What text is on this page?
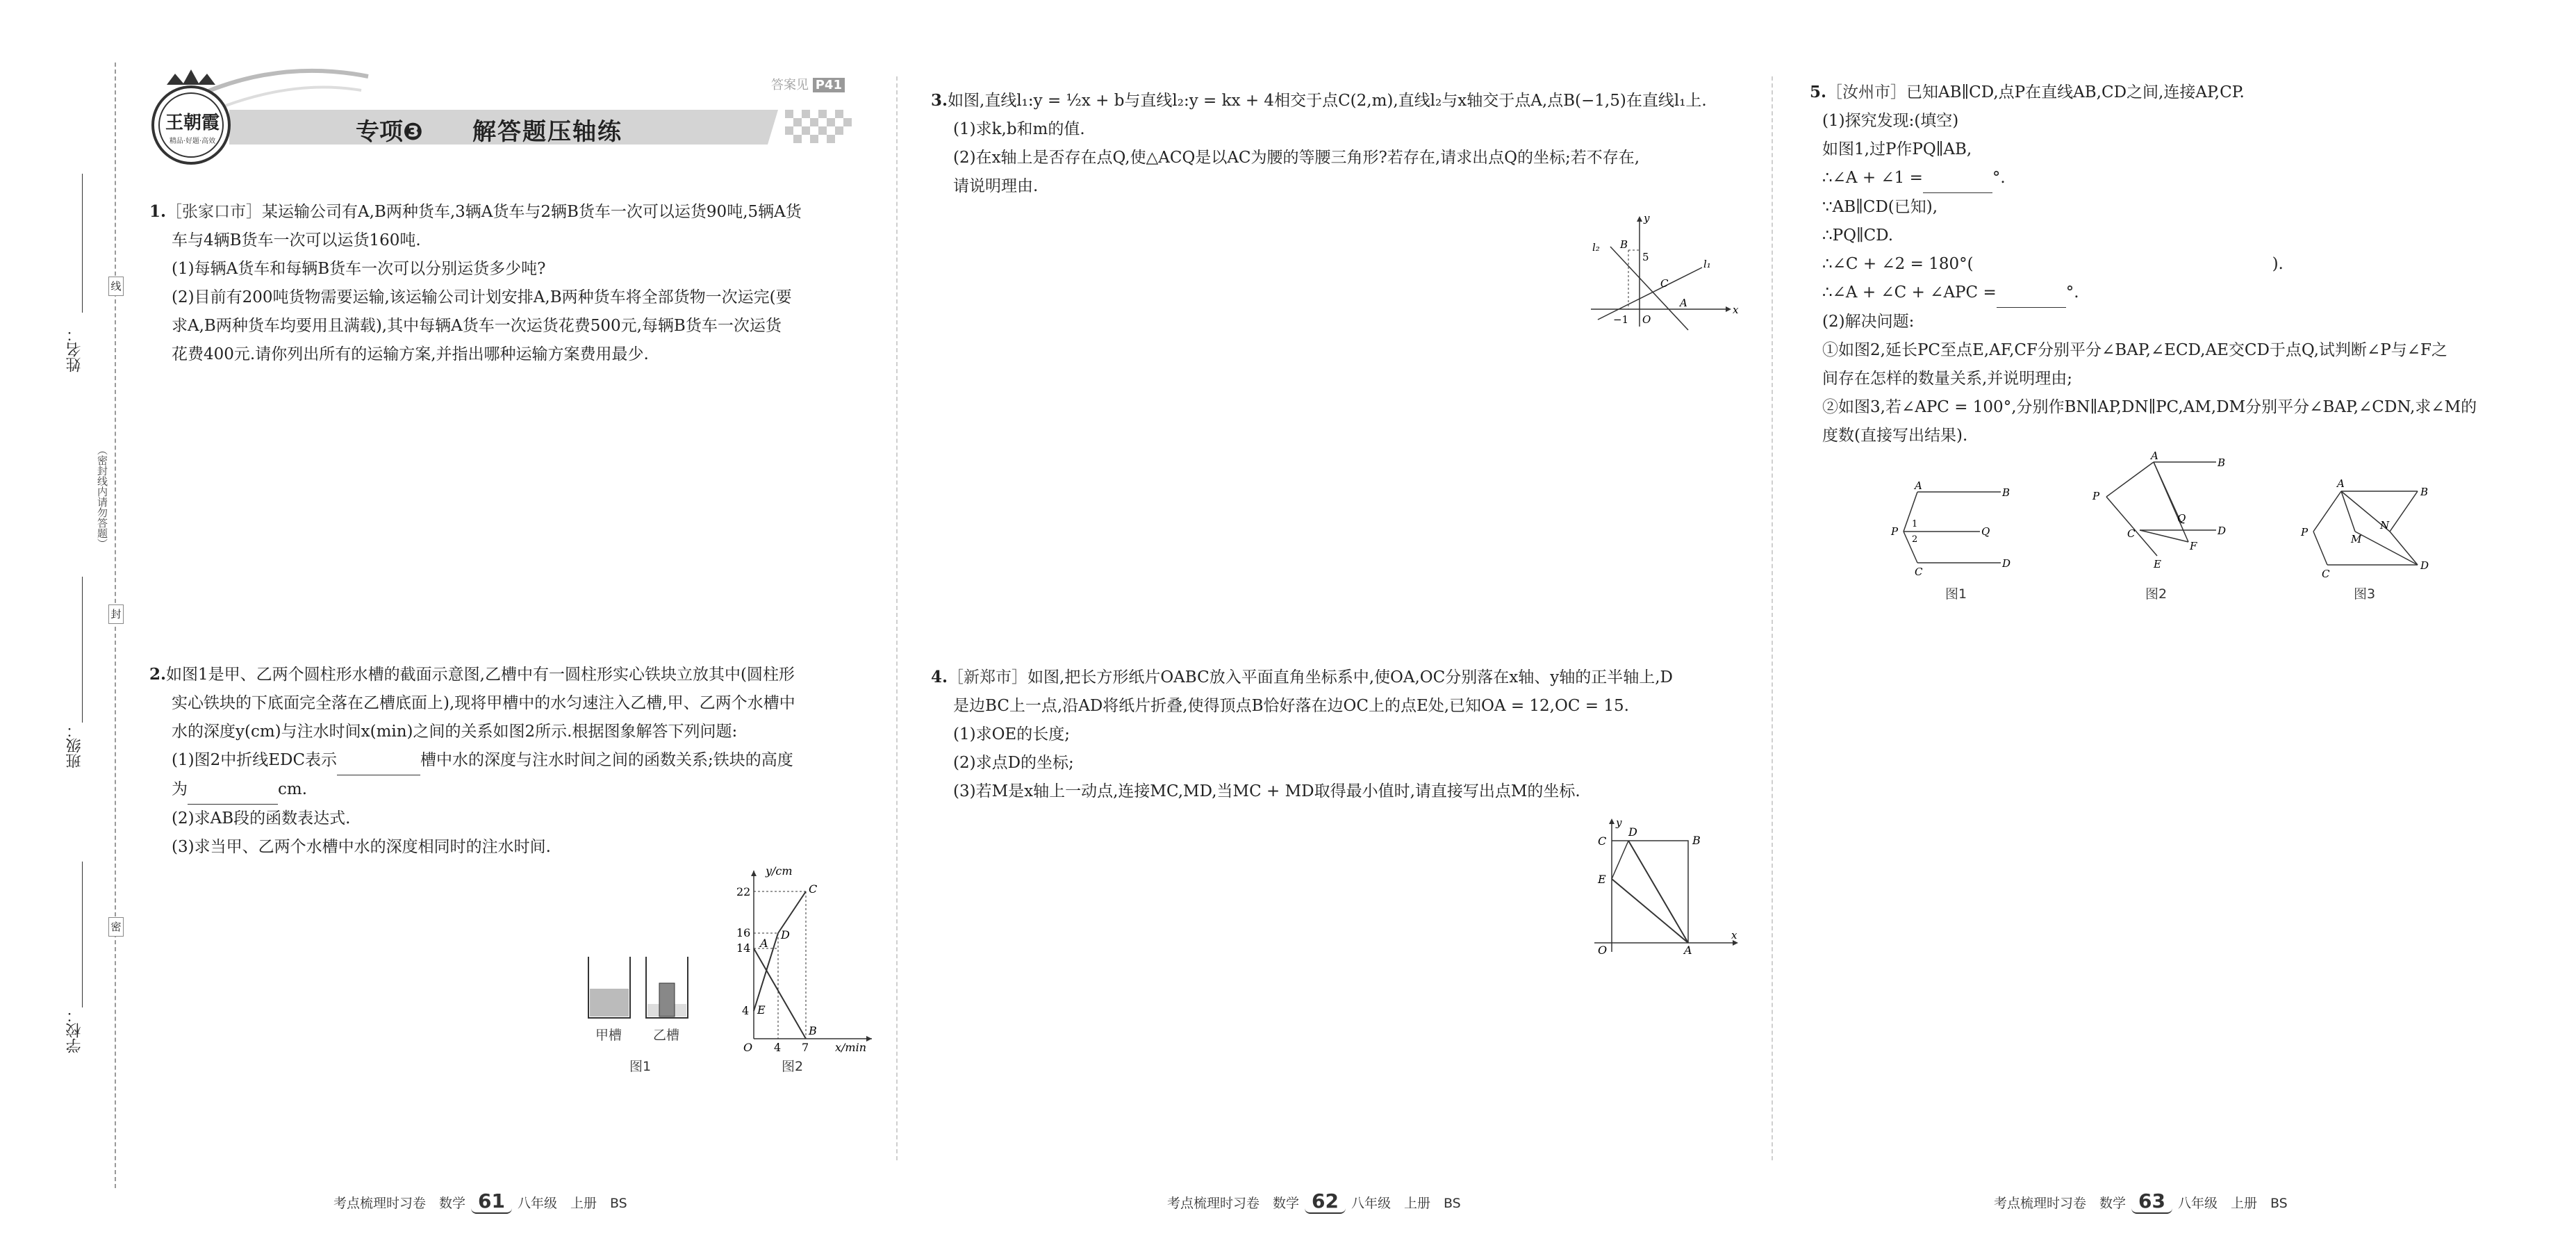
姓名：
班级：
学校：
线
（密封线内请勿答题）
封
密
王朝霞
精品·好题·高效	专项❸ 解答题压轴练
答案见 P41

1.［张家口市］某运输公司有A,B两种货车,3辆A货车与2辆B货车一次可以运货90吨,5辆A货

车与4辆B货车一次可以运货160吨.

(1)每辆A货车和每辆B货车一次可以分别运货多少吨?

(2)目前有200吨货物需要运输,该运输公司计划安排A,B两种货车将全部货物一次运完(要

求A,B两种货车均要用且满载),其中每辆A货车一次运货花费500元,每辆B货车一次运货

花费400元.请你列出所有的运输方案,并指出哪种运输方案费用最少.

2.如图1是甲、乙两个圆柱形水槽的截面示意图,乙槽中有一圆柱形实心铁块立放其中(圆柱形

实心铁块的下底面完全落在乙槽底面上),现将甲槽中的水匀速注入乙槽,甲、乙两个水槽中

水的深度y(cm)与注水时间x(min)之间的关系如图2所示.根据图象解答下列问题:

(1)图2中折线EDC表示	槽中水的深度与注水时间之间的函数关系;铁块的高度

为	cm.

(2)求AB段的函数表达式.

(3)求当甲、乙两个水槽中水的深度相同时的注水时间.

甲槽 乙槽
图1
y/cm
x/min
22
16
14
4
4 7
O
A
B
C
D
E
图2

3.如图,直线l₁:y = ½x + b与直线l₂:y = kx + 4相交于点C(2,m),直线l₂与x轴交于点A,点B(−1,5)在直线l₁上.

(1)求k,b和m的值.

(2)在x轴上是否存在点Q,使△ACQ是以AC为腰的等腰三角形?若存在,请求出点Q的坐标;若不存在,

请说明理由.

l₂ B
5
C
A
l₁
y
x
−1 O

4.［新郑市］如图,把长方形纸片OABC放入平面直角坐标系中,使OA,OC分别落在x轴、y轴的正半轴上,D

是边BC上一点,沿AD将纸片折叠,使得顶点B恰好落在边OC上的点E处,已知OA = 12,OC = 15.

(1)求OE的长度;

(2)求点D的坐标;

(3)若M是x轴上一动点,连接MC,MD,当MC + MD取得最小值时,请直接写出点M的坐标.

C
D
B
E
O	A
y
x

5.［汝州市］已知AB∥CD,点P在直线AB,CD之间,连接AP,CP.

(1)探究发现:(填空)

如图1,过P作PQ∥AB,

∴∠A + ∠1 =	°.

∵AB∥CD(已知),

∴PQ∥CD.

∴∠C + ∠2 = 180°(	).

∴∠A + ∠C + ∠APC =	°.

(2)解决问题:

①如图2,延长PC至点E,AF,CF分别平分∠BAP,∠ECD,AE交CD于点Q,试判断∠P与∠F之

间存在怎样的数量关系,并说明理由;

②如图3,若∠APC = 100°,分别作BN∥AP,DN∥PC,AM,DM分别平分∠BAP,∠CDN,求∠M的

度数(直接写出结果).

A
B
P	Q
1
2
C
D
图1
A
B
P
Q
D
C
F
E
图2
A
B
P
M
N
C
D
图3
考点梳理时习卷　数学 61 八年级　上册　BS	考点梳理时习卷　数学 62 八年级　上册　BS	考点梳理时习卷　数学 63 八年级　上册　BS
